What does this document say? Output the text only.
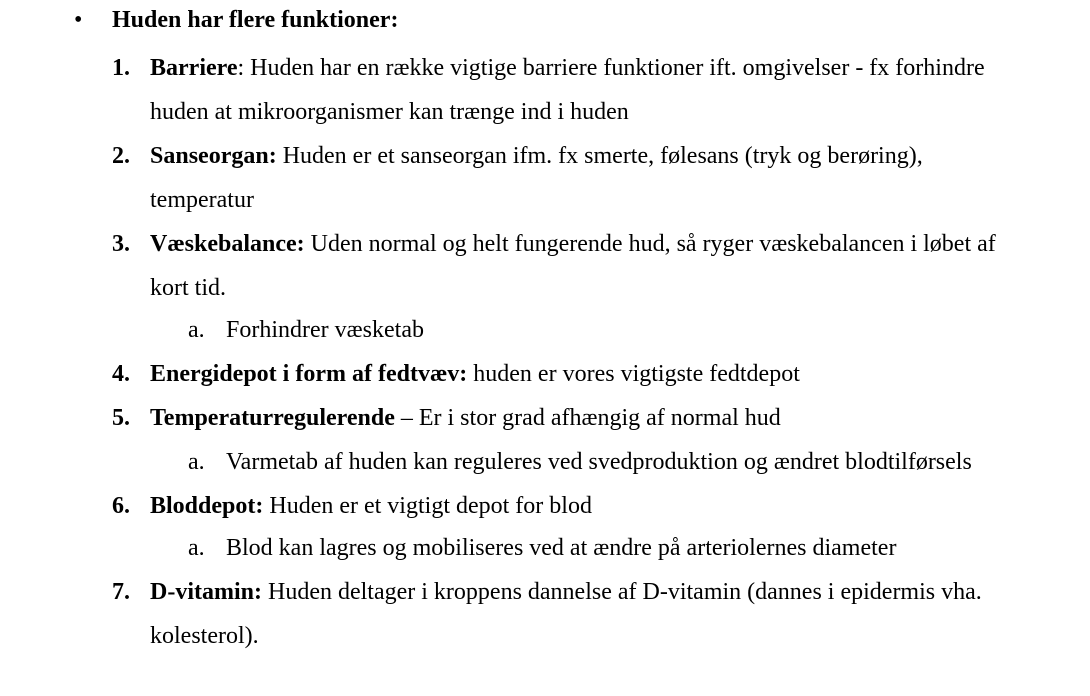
• Huden har flere funktioner:
1. Barriere: Huden har en række vigtige barriere funktioner ift. omgivelser - fx forhindre
huden at mikroorganismer kan trænge ind i huden
2. Sanseorgan: Huden er et sanseorgan ifm. fx smerte, følesans (tryk og berøring),
temperatur
3. Væskebalance: Uden normal og helt fungerende hud, så ryger væskebalancen i løbet af
kort tid.
a. Forhindrer væsketab
4. Energidepot i form af fedtvæv: huden er vores vigtigste fedtdepot
5. Temperaturregulerende – Er i stor grad afhængig af normal hud
a. Varmetab af huden kan reguleres ved svedproduktion og ændret blodtilførsels
6. Bloddepot: Huden er et vigtigt depot for blod
a. Blod kan lagres og mobiliseres ved at ændre på arteriolernes diameter
7. D-vitamin: Huden deltager i kroppens dannelse af D-vitamin (dannes i epidermis vha.
kolesterol).
